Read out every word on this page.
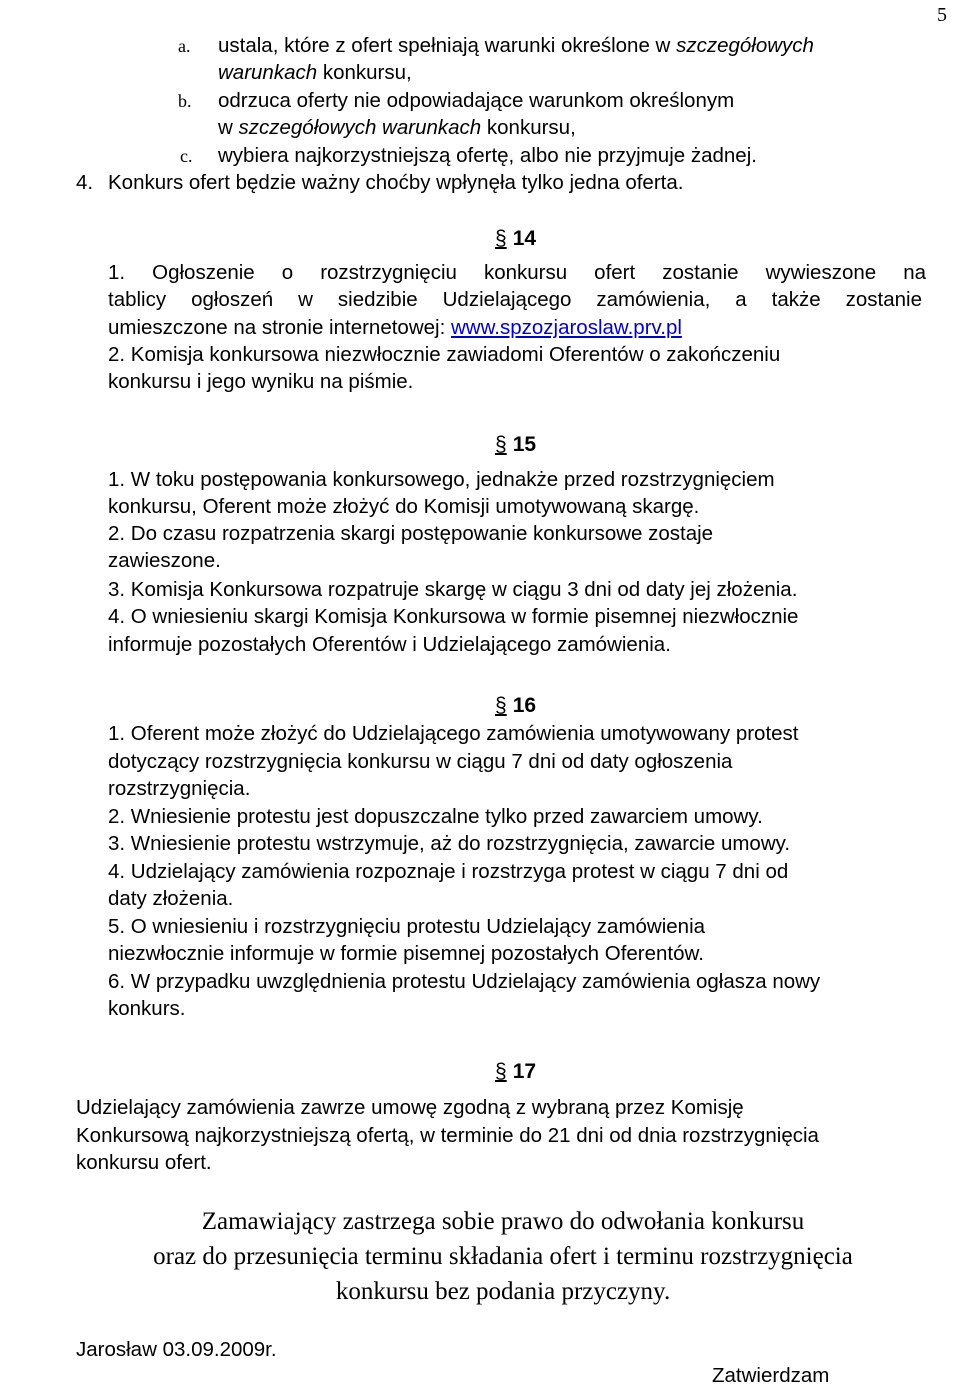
5
a. ustala, które z ofert spełniają warunki określone w szczegółowych
warunkach konkursu,
b. odrzuca oferty nie odpowiadające warunkom określonym
w szczegółowych warunkach konkursu,
c. wybiera najkorzystniejszą ofertę, albo nie przyjmuje żadnej.
4. Konkurs ofert będzie ważny choćby wpłynęła tylko jedna oferta.
§ 14
1. Ogłoszenie o rozstrzygnięciu konkursu ofert zostanie wywieszone na
tablicy ogłoszeń w siedzibie Udzielającego zamówienia, a także zostanie
umieszczone na stronie internetowej: www.spzozjaroslaw.prv.pl
2. Komisja konkursowa niezwłocznie zawiadomi Oferentów o zakończeniu
konkursu i jego wyniku na piśmie.
§ 15
1. W toku postępowania konkursowego, jednakże przed rozstrzygnięciem
konkursu, Oferent może złożyć do Komisji umotywowaną skargę.
2. Do czasu rozpatrzenia skargi postępowanie konkursowe zostaje
zawieszone.
3. Komisja Konkursowa rozpatruje skargę w ciągu 3 dni od daty jej złożenia.
4. O wniesieniu skargi Komisja Konkursowa w formie pisemnej niezwłocznie
informuje pozostałych Oferentów i Udzielającego zamówienia.
§ 16
1. Oferent może złożyć do Udzielającego zamówienia umotywowany protest
dotyczący rozstrzygnięcia konkursu w ciągu 7 dni od daty ogłoszenia
rozstrzygnięcia.
2. Wniesienie protestu jest dopuszczalne tylko przed zawarciem umowy.
3. Wniesienie protestu wstrzymuje, aż do rozstrzygnięcia, zawarcie umowy.
4. Udzielający zamówienia rozpoznaje i rozstrzyga protest w ciągu 7 dni od
daty złożenia.
5. O wniesieniu i rozstrzygnięciu protestu Udzielający zamówienia
niezwłocznie informuje w formie pisemnej pozostałych Oferentów.
6. W przypadku uwzględnienia protestu Udzielający zamówienia ogłasza nowy
konkurs.
§ 17
Udzielający zamówienia zawrze umowę zgodną z wybraną przez Komisję
Konkursową najkorzystniejszą ofertą, w terminie do 21 dni od dnia rozstrzygnięcia
konkursu ofert.
Zamawiający zastrzega sobie prawo do odwołania konkursu
oraz do przesunięcia terminu składania ofert i terminu rozstrzygnięcia
konkursu bez podania przyczyny.
Jarosław 03.09.2009r.
Zatwierdzam
